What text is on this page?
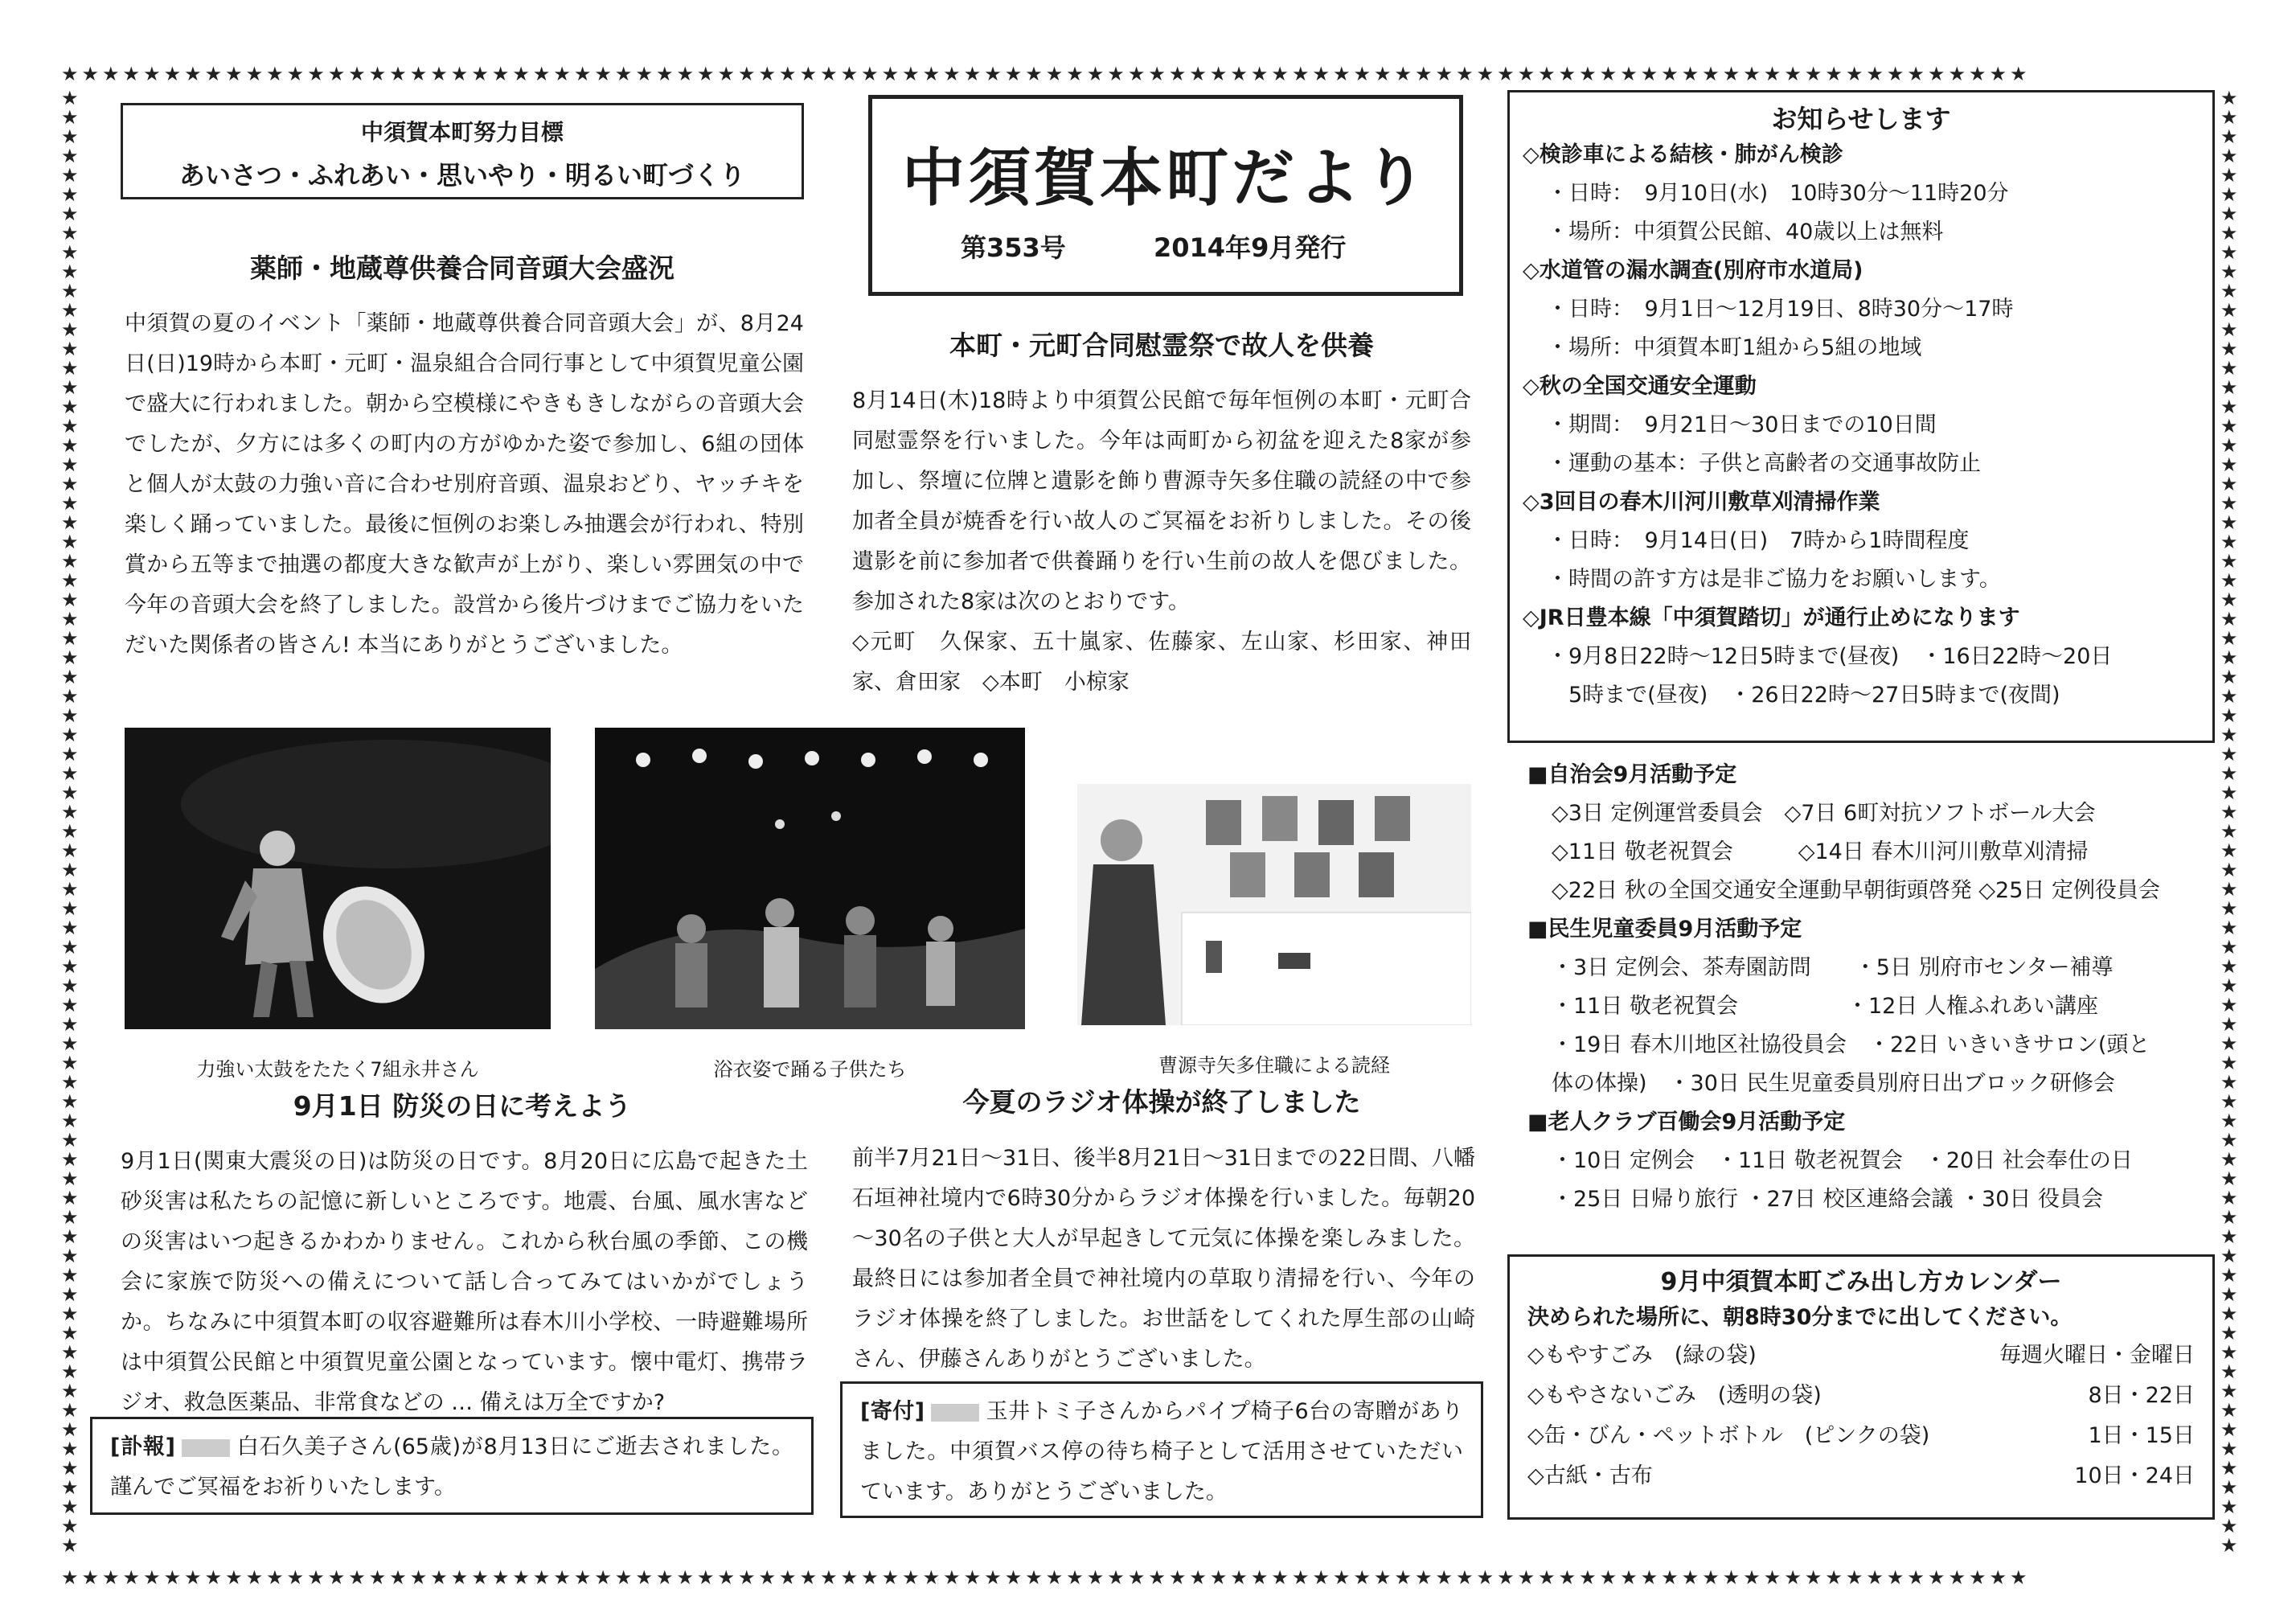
★★★★★★★★★★★★★★★★★★★★★★★★★★★★★★★★★★★★★★★★★★★★★★★★★★★★★★★★★★★★★★★★★★★★★★★★★★★★★★★★★★★★★★★★★★★★★★★★
★★★★★★★★★★★★★★★★★★★★★★★★★★★★★★★★★★★★★★★★★★★★★★★★★★★★★★★★★★★★★★★★★★★★★★★★★★★★★★★★★★★★★★★★★★★★★★★★
★
★
★
★
★
★
★
★
★
★
★
★
★
★
★
★
★
★
★
★
★
★
★
★
★
★
★
★
★
★
★
★
★
★
★
★
★
★
★
★
★
★
★
★
★
★
★
★
★
★
★
★
★
★
★
★
★
★
★
★
★
★
★
★
★
★
★
★
★
★
★
★
★
★
★
★
★
★
★
★
★
★
★
★
★
★
★
★
★
★
★
★
★
★
★
★
★
★
★
★
★
★
★
★
★
★
★
★
★
★
★
★
★
★
★
★
★
★
★
★
★
★
★
★
★
★
★
★
★
★
★
★
★
★
★
★
★
★
★
★
★
★
★
★
★
★
★
★
★
★
★
★
中須賀本町努力目標
あいさつ・ふれあい・思いやり・明るい町づくり	中須賀本町だより
第353号	2014年9月発行
薬師・地蔵尊供養合同音頭大会盛況
中須賀の夏のイベント「薬師・地蔵尊供養合同音頭大会」が、8月24日(日)19時から本町・元町・温泉組合合同行事として中須賀児童公園で盛大に行われました。朝から空模様にやきもきしながらの音頭大会でしたが、夕方には多くの町内の方がゆかた姿で参加し、6組の団体と個人が太鼓の力強い音に合わせ別府音頭、温泉おどり、ヤッチキを楽しく踊っていました。最後に恒例のお楽しみ抽選会が行われ、特別賞から五等まで抽選の都度大きな歓声が上がり、楽しい雰囲気の中で今年の音頭大会を終了しました。設営から後片づけまでご協力をいただいた関係者の皆さん! 本当にありがとうございました。
本町・元町合同慰霊祭で故人を供養
8月14日(木)18時より中須賀公民館で毎年恒例の本町・元町合同慰霊祭を行いました。今年は両町から初盆を迎えた8家が参加し、祭壇に位牌と遺影を飾り曹源寺矢多住職の読経の中で参加者全員が焼香を行い故人のご冥福をお祈りしました。その後遺影を前に参加者で供養踊りを行い生前の故人を偲びました。参加された8家は次のとおりです。
◇元町　久保家、五十嵐家、佐藤家、左山家、杉田家、神田家、倉田家　◇本町　小椋家
力強い太鼓をたたく7組永井さん	浴衣姿で踊る子供たち	曹源寺矢多住職による読経
9月1日 防災の日に考えよう
9月1日(関東大震災の日)は防災の日です。8月20日に広島で起きた土砂災害は私たちの記憶に新しいところです。地震、台風、風水害などの災害はいつ起きるかわかりません。これから秋台風の季節、この機会に家族で防災への備えについて話し合ってみてはいかがでしょうか。ちなみに中須賀本町の収容避難所は春木川小学校、一時避難場所は中須賀公民館と中須賀児童公園となっています。懐中電灯、携帯ラジオ、救急医薬品、非常食などの … 備えは万全ですか?
今夏のラジオ体操が終了しました
前半7月21日～31日、後半8月21日～31日までの22日間、八幡石垣神社境内で6時30分からラジオ体操を行いました。毎朝20～30名の子供と大人が早起きして元気に体操を楽しみました。最終日には参加者全員で神社境内の草取り清掃を行い、今年のラジオ体操を終了しました。お世話をしてくれた厚生部の山崎さん、伊藤さんありがとうございました。
[訃報]	白石久美子さん(65歳)が8月13日にご逝去されました。謹んでご冥福をお祈りいたします。
[寄付]	玉井トミ子さんからパイプ椅子6台の寄贈がありました。中須賀バス停の待ち椅子として活用させていただいています。ありがとうございました。
お知らせします
◇検診車による結核・肺がん検診
・日時：　9月10日(水)　10時30分～11時20分
・場所：中須賀公民館、40歳以上は無料
◇水道管の漏水調査(別府市水道局)
・日時：　9月1日～12月19日、8時30分～17時
・場所：中須賀本町1組から5組の地域
◇秋の全国交通安全運動
・期間：　9月21日～30日までの10日間
・運動の基本：子供と高齢者の交通事故防止
◇3回目の春木川河川敷草刈清掃作業
・日時：　9月14日(日)　7時から1時間程度
・時間の許す方は是非ご協力をお願いします。
◇JR日豊本線「中須賀踏切」が通行止めになります
・9月8日22時～12日5時まで(昼夜)　・16日22時～20日
　5時まで(昼夜)　・26日22時～27日5時まで(夜間)
■自治会9月活動予定
◇3日 定例運営委員会　◇7日 6町対抗ソフトボール大会
◇11日 敬老祝賀会　　　◇14日 春木川河川敷草刈清掃
◇22日 秋の全国交通安全運動早朝街頭啓発 ◇25日 定例役員会
■民生児童委員9月活動予定
・3日 定例会、茶寿園訪問　　・5日 別府市センター補導
・11日 敬老祝賀会　　　　　・12日 人権ふれあい講座
・19日 春木川地区社協役員会　・22日 いきいきサロン(頭と
体の体操)　・30日 民生児童委員別府日出ブロック研修会
■老人クラブ百働会9月活動予定
・10日 定例会　・11日 敬老祝賀会　・20日 社会奉仕の日
・25日 日帰り旅行 ・27日 校区連絡会議 ・30日 役員会
9月中須賀本町ごみ出し方カレンダー
決められた場所に、朝8時30分までに出してください。
◇もやすごみ　(緑の袋)	毎週火曜日・金曜日
◇もやさないごみ　(透明の袋)	8日・22日
◇缶・びん・ペットボトル　(ピンクの袋)	1日・15日
◇古紙・古布	10日・24日
